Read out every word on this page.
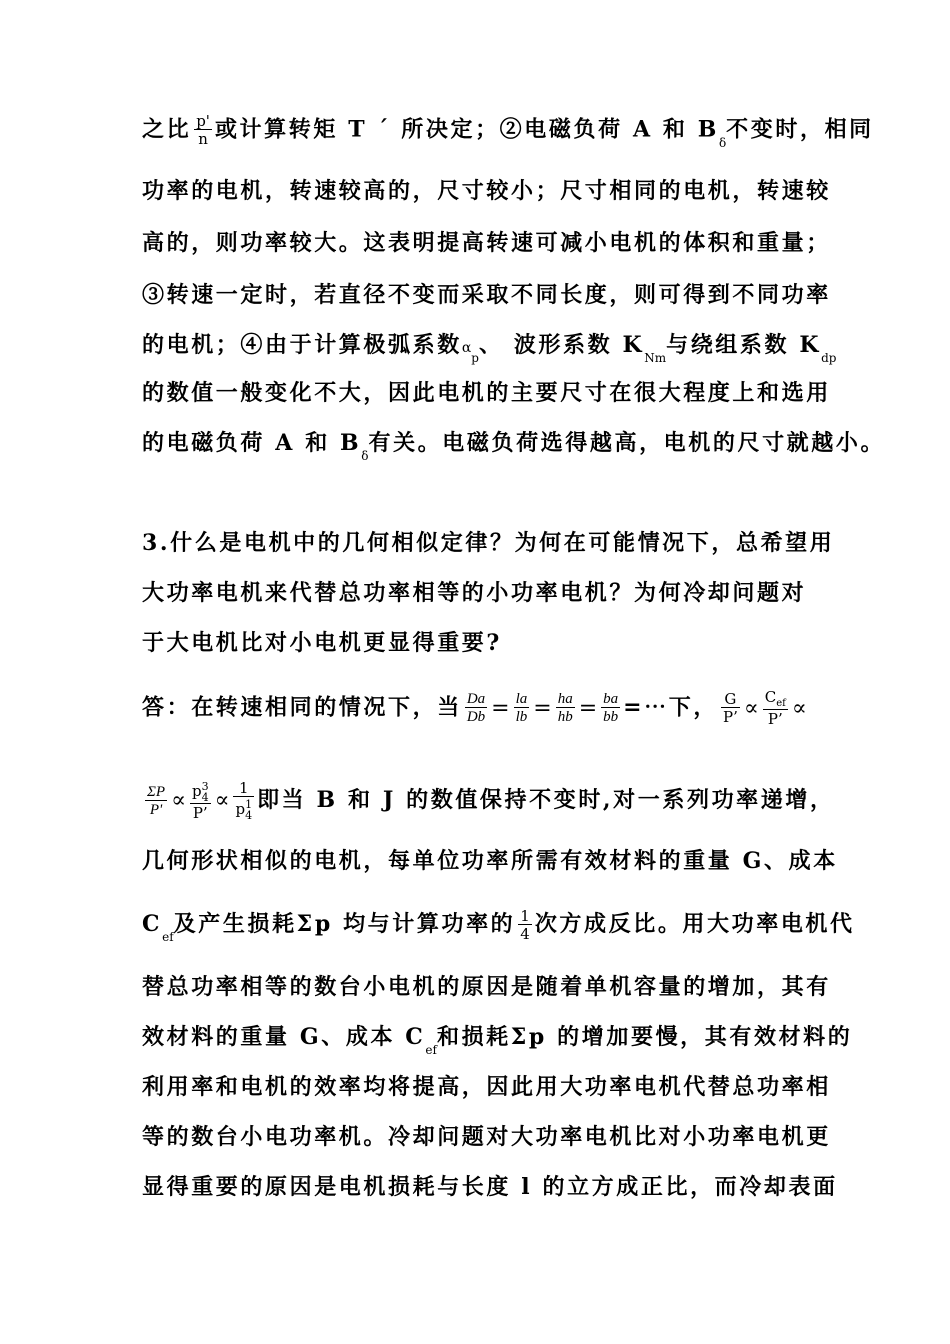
之比 $\frac{p'}{n}$ 或计算转矩 T ´ 所决定；②电磁负荷 A 和 $B_\delta$不变时，相同
功率的电机，转速较高的，尺寸较小；尺寸相同的电机，转速较
高的，则功率较大。这表明提高转速可减小电机的体积和重量；
③转速一定时，若直径不变而采取不同长度，则可得到不同功率
的电机；④由于计算极弧系数$\alpha_p$、 波形系数 $K_{Nm}$与绕组系数 $K_{dp}$
的数值一般变化不大，因此电机的主要尺寸在很大程度上和选用
的电磁负荷 A 和 $B_\delta$有关。电磁负荷选得越高，电机的尺寸就越小。
3.什么是电机中的几何相似定律？为何在可能情况下，总希望用
大功率电机来代替总功率相等的小功率电机？为何冷却问题对
于大电机比对小电机更显得重要?
答：在转速相同的情况下，当 $\frac{Da}{Db} = \frac{la}{lb} = \frac{ha}{hb} = \frac{ba}{bb}$ =⋯下， $\frac{G}{P’} \propto \frac{C_{ef}}{P’}$ ∝
$\frac{\Sigma P}{P'} \propto p$ 3
4
P’ ∝ 1
p 1
4 即当 B 和 J 的数值保持不变时,对一系列功率递增，
几何形状相似的电机，每单位功率所需有效材料的重量 G、成本
$C_{ef}$及产生损耗Σp 均与计算功率的 $\frac{1}{4}$ 次方成反比。用大功率电机代
替总功率相等的数台小电机的原因是随着单机容量的增加，其有
效材料的重量 G、成本 $C_{ef}$和损耗Σp 的增加要慢，其有效材料的
利用率和电机的效率均将提高，因此用大功率电机代替总功率相
等的数台小电功率机。冷却问题对大功率电机比对小功率电机更
显得重要的原因是电机损耗与长度 l 的立方成正比，而冷却表面
